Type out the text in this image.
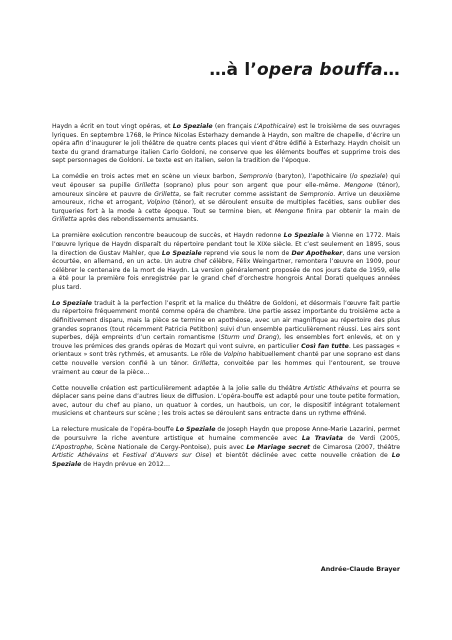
…à l’opera bouffa…

Haydn a écrit en tout vingt opéras, et Lo Speziale (en français L’Apothicaire) est le troisième de ses ouvrages lyriques. En septembre 1768, le Prince Nicolas Esterhazy demande à Haydn, son maître de chapelle, d’écrire un opéra afin d’inaugurer le joli théâtre de quatre cents places qui vient d’être édifié à Esterhazy. Haydn choisit un texte du grand dramaturge italien Carlo Goldoni, ne conserve que les éléments bouffes et supprime trois des sept personnages de Goldoni. Le texte est en italien, selon la tradition de l’époque.

La comédie en trois actes met en scène un vieux barbon, Sempronio (baryton), l’apothicaire (lo speziale) qui veut épouser sa pupille Grilletta (soprano) plus pour son argent que pour elle-même. Mengone (ténor), amoureux sincère et pauvre de Grilletta, se fait recruter comme assistant de Sempronio. Arrive un deuxième amoureux, riche et arrogant, Volpino (ténor), et se déroulent ensuite de multiples facéties, sans oublier des turqueries fort à la mode à cette époque. Tout se termine bien, et Mengone finira par obtenir la main de Grilletta après des rebondissements amusants.

La première exécution rencontre beaucoup de succès, et Haydn redonne Lo Speziale à Vienne en 1772. Mais l’œuvre lyrique de Haydn disparaît du répertoire pendant tout le XIXe siècle. Et c’est seulement en 1895, sous la direction de Gustav Mahler, que Lo Speziale reprend vie sous le nom de Der Apotheker, dans une version écourtée, en allemand, en un acte. Un autre chef célèbre, Félix Weingartner, remontera l’œuvre en 1909, pour célébrer le centenaire de la mort de Haydn. La version généralement proposée de nos jours date de 1959, elle a été pour la première fois enregistrée par le grand chef d’orchestre hongrois Antal Dorati quelques années plus tard.

Lo Speziale traduit à la perfection l’esprit et la malice du théâtre de Goldoni, et désormais l’œuvre fait partie du répertoire fréquemment monté comme opéra de chambre. Une partie assez importante du troisième acte a définitivement disparu, mais la pièce se termine en apothéose, avec un air magnifique au répertoire des plus grandes sopranos (tout récemment Patricia Petitbon) suivi d’un ensemble particulièrement réussi. Les airs sont superbes, déjà empreints d’un certain romantisme (Sturm und Drang), les ensembles fort enlevés, et on y trouve les prémices des grands opéras de Mozart qui vont suivre, en particulier Così fan tutte. Les passages « orientaux » sont très rythmés, et amusants. Le rôle de Volpino habituellement chanté par une soprano est dans cette nouvelle version confié à un ténor. Grilletta, convoitée par les hommes qui l’entourent, se trouve vraiment au cœur de la pièce…

Cette nouvelle création est particulièrement adaptée à la jolie salle du théâtre Artistic Athévains et pourra se déplacer sans peine dans d’autres lieux de diffusion. L’opéra-bouffe est adapté pour une toute petite formation, avec, autour du chef au piano, un quatuor à cordes, un hautbois, un cor, le dispositif intégrant totalement musiciens et chanteurs sur scène ; les trois actes se déroulent sans entracte dans un rythme effréné.

La relecture musicale de l’opéra-bouffe Lo Speziale de Joseph Haydn que propose Anne-Marie Lazarini, permet de poursuivre la riche aventure artistique et humaine commencée avec La Traviata de Verdi (2005, L’Apostrophe, Scène Nationale de Cergy-Pontoise), puis avec Le Mariage secret de Cimarosa (2007, théâtre Artistic Athévains et Festival d’Auvers sur Oise) et bientôt déclinée avec cette nouvelle création de Lo Speziale de Haydn prévue en 2012…

Andrée-Claude Brayer
